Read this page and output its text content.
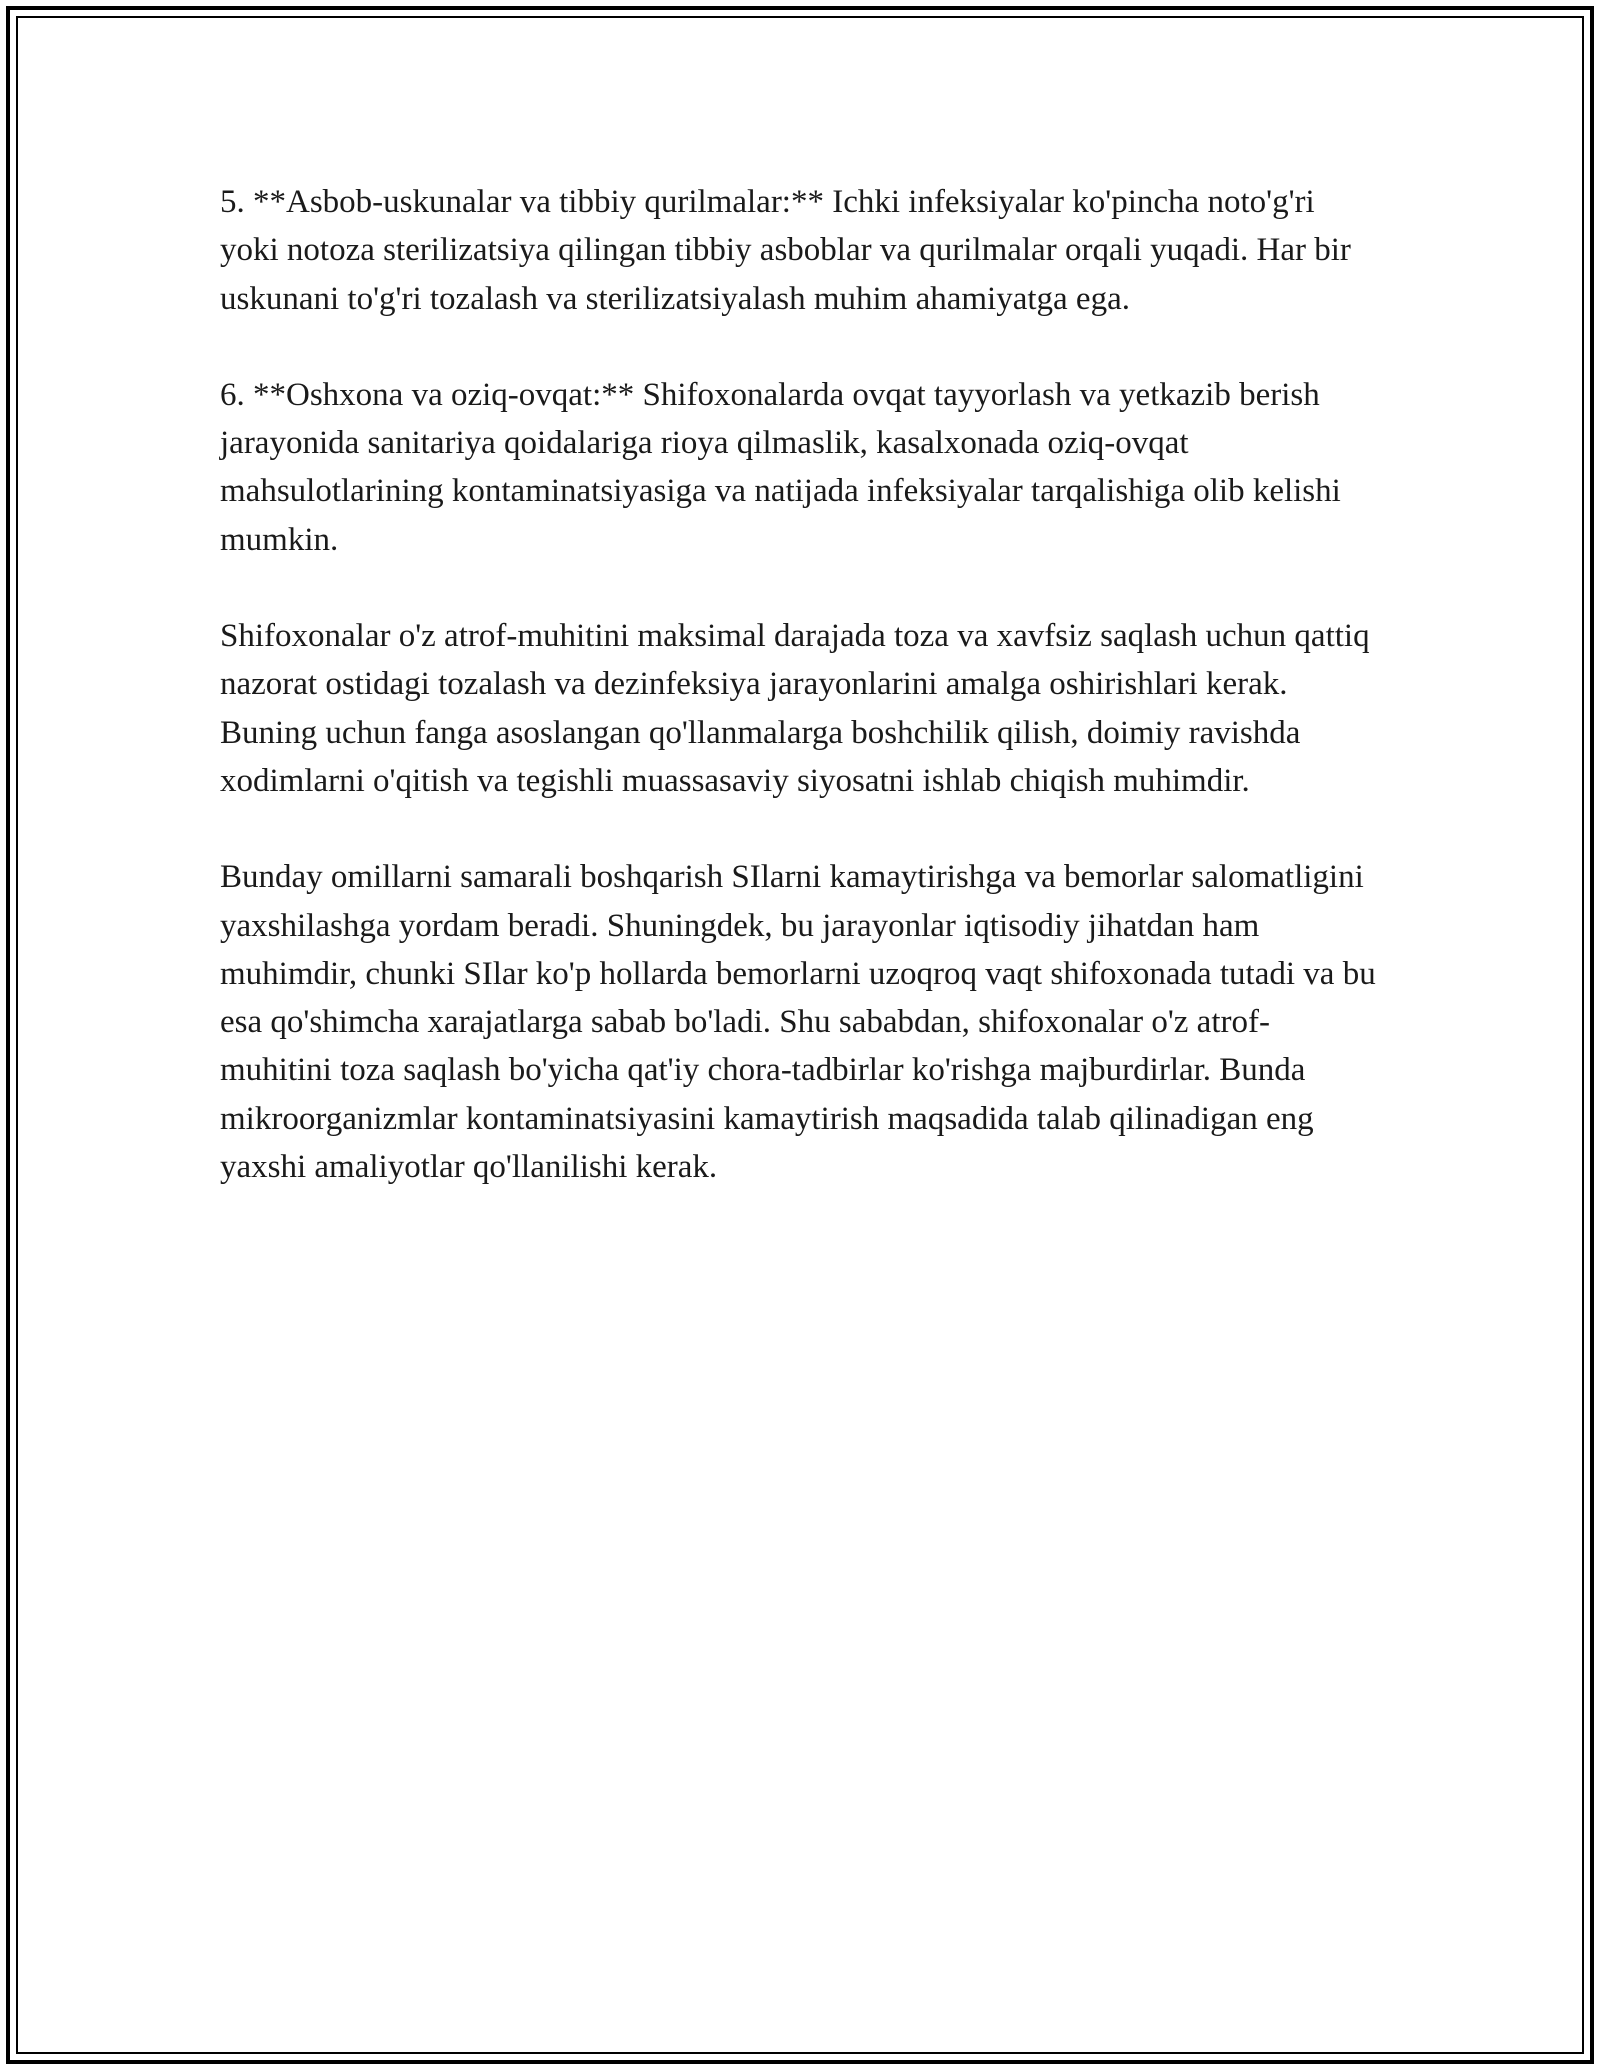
5. **Asbob-uskunalar va tibbiy qurilmalar:** Ichki infeksiyalar ko'pincha noto'g'ri yoki notoza sterilizatsiya qilingan tibbiy asboblar va qurilmalar orqali yuqadi. Har bir uskunani to'g'ri tozalash va sterilizatsiyalash muhim ahamiyatga ega.

6. **Oshxona va oziq-ovqat:** Shifoxonalarda ovqat tayyorlash va yetkazib berish jarayonida sanitariya qoidalariga rioya qilmaslik, kasalxonada oziq-ovqat mahsulotlarining kontaminatsiyasiga va natijada infeksiyalar tarqalishiga olib kelishi mumkin.

Shifoxonalar o'z atrof-muhitini maksimal darajada toza va xavfsiz saqlash uchun qattiq nazorat ostidagi tozalash va dezinfeksiya jarayonlarini amalga oshirishlari kerak. Buning uchun fanga asoslangan qo'llanmalarga boshchilik qilish, doimiy ravishda xodimlarni o'qitish va tegishli muassasaviy siyosatni ishlab chiqish muhimdir.

Bunday omillarni samarali boshqarish SIlarni kamaytirishga va bemorlar salomatligini yaxshilashga yordam beradi. Shuningdek, bu jarayonlar iqtisodiy jihatdan ham muhimdir, chunki SIlar ko'p hollarda bemorlarni uzoqroq vaqt shifoxonada tutadi va bu esa qo'shimcha xarajatlarga sabab bo'ladi. Shu sababdan, shifoxonalar o'z atrof-muhitini toza saqlash bo'yicha qat'iy chora-tadbirlar ko'rishga majburdirlar. Bunda mikroorganizmlar kontaminatsiyasini kamaytirish maqsadida talab qilinadigan eng yaxshi amaliyotlar qo'llanilishi kerak.
